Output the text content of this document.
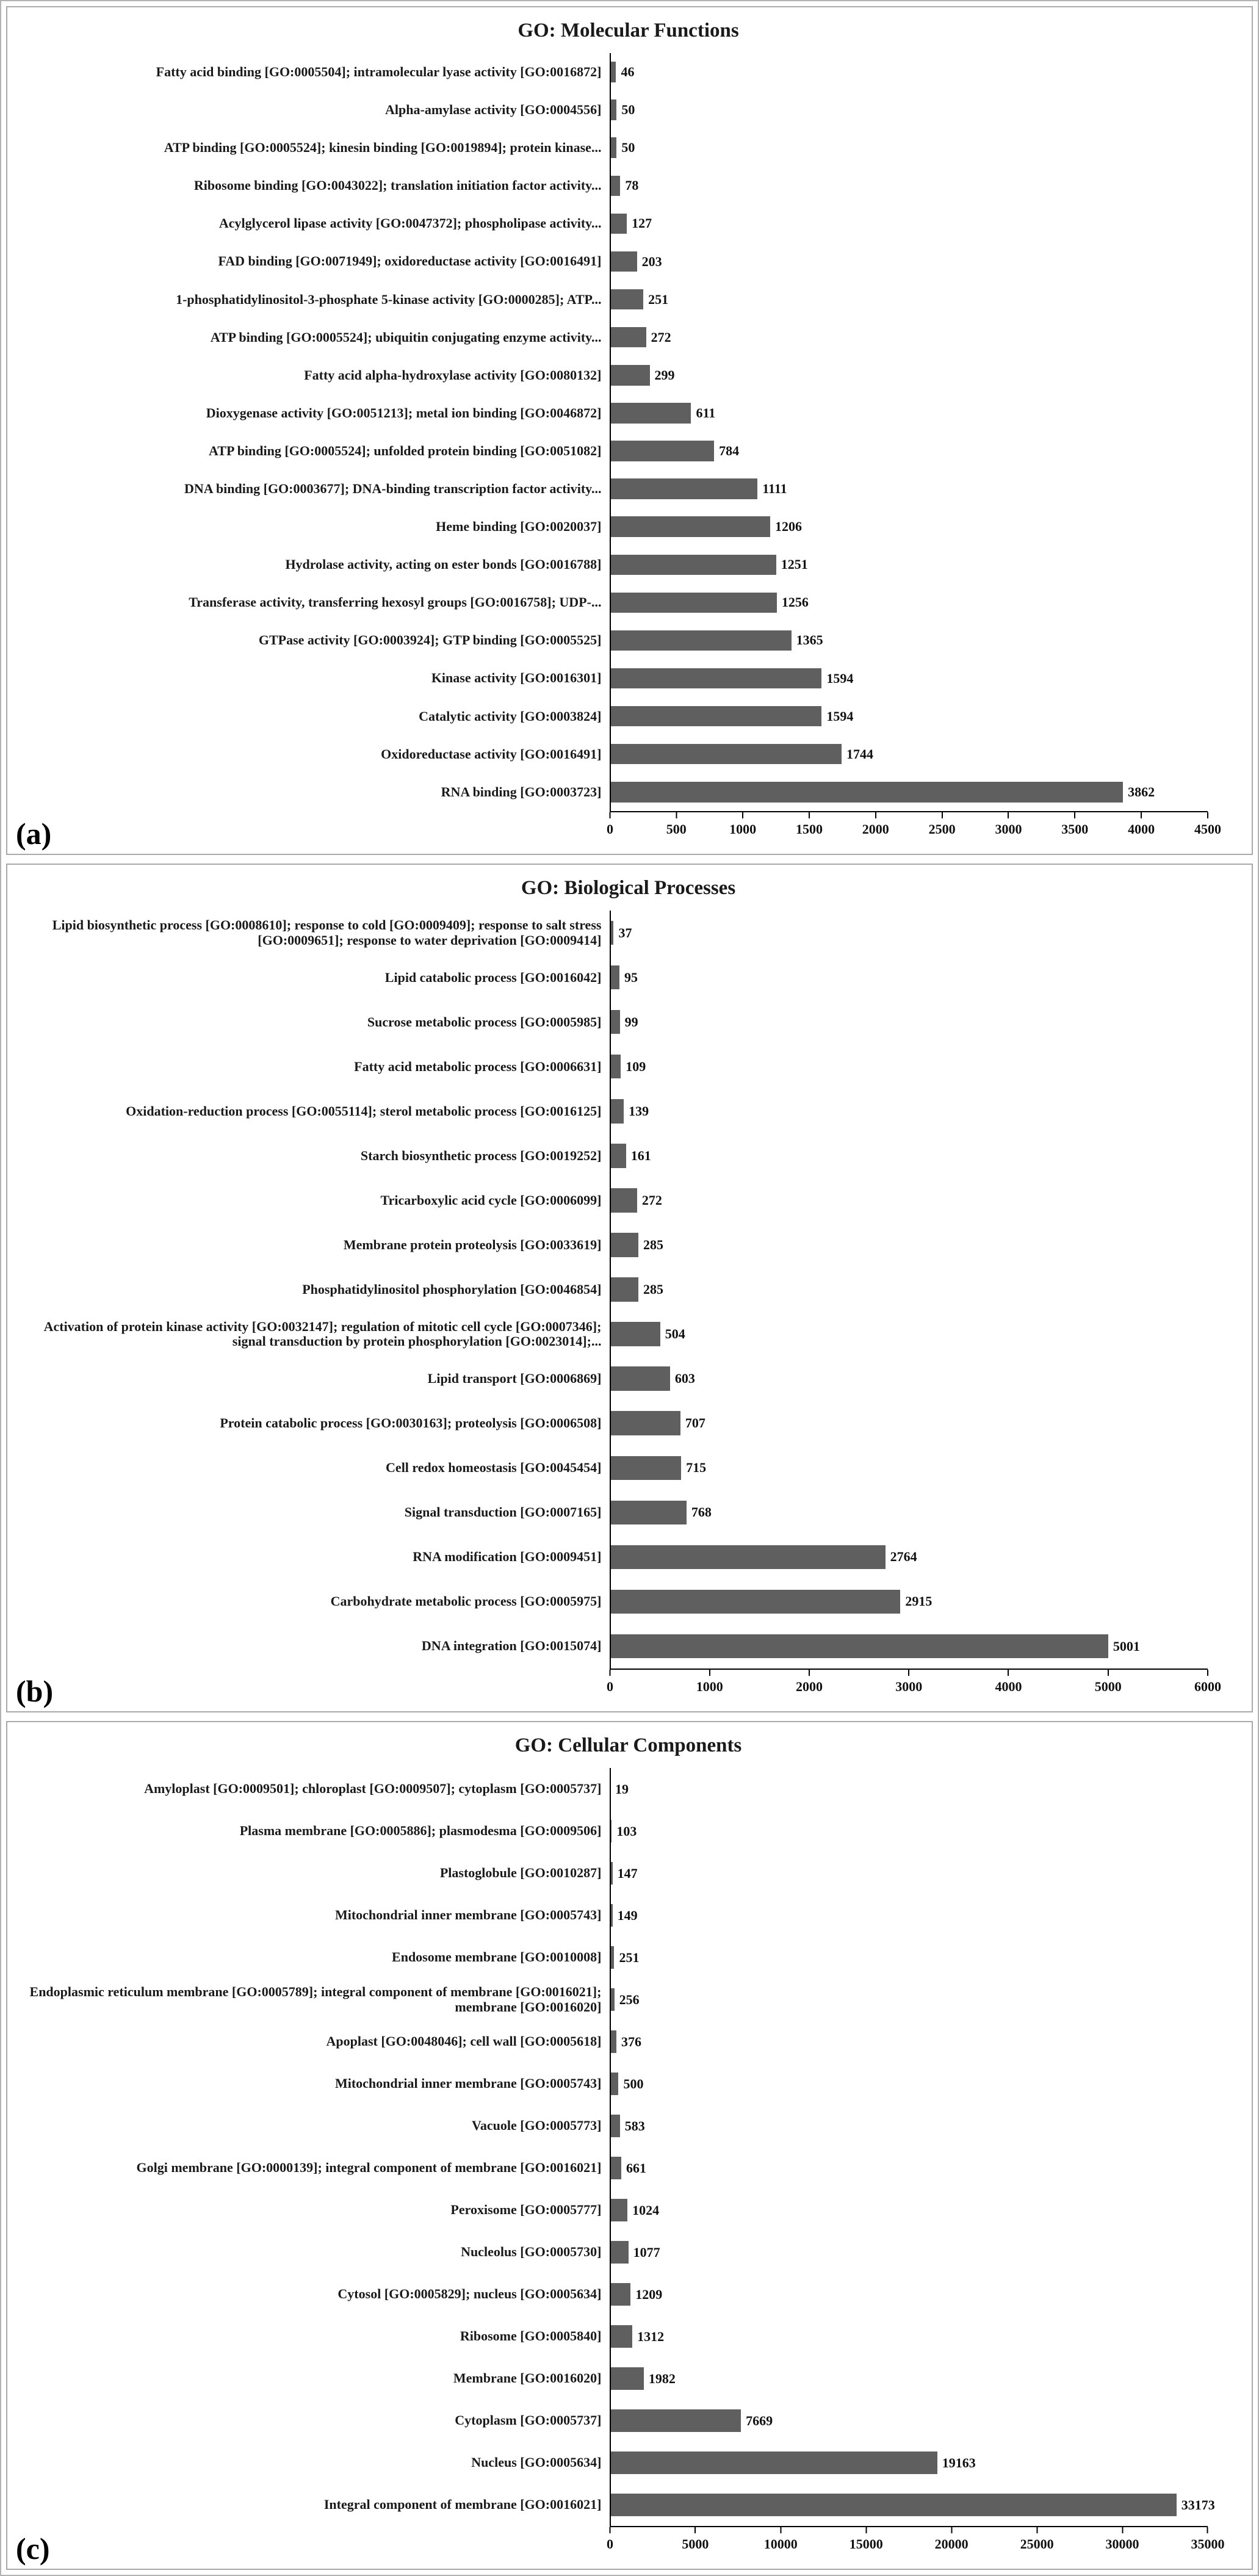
GO: Molecular Functions
Fatty acid binding [GO:0005504]; intramolecular lyase activity [GO:0016872]	46
Alpha-amylase activity [GO:0004556]	50
ATP binding [GO:0005524]; kinesin binding [GO:0019894]; protein kinase...	50
Ribosome binding [GO:0043022]; translation initiation factor activity...	78
Acylglycerol lipase activity [GO:0047372]; phospholipase activity...	127
FAD binding [GO:0071949]; oxidoreductase activity [GO:0016491]	203
1-phosphatidylinositol-3-phosphate 5-kinase activity [GO:0000285]; ATP...	251
ATP binding [GO:0005524]; ubiquitin conjugating enzyme activity...	272
Fatty acid alpha-hydroxylase activity [GO:0080132]	299
Dioxygenase activity [GO:0051213]; metal ion binding [GO:0046872]	611
ATP binding [GO:0005524]; unfolded protein binding [GO:0051082]	784
DNA binding [GO:0003677]; DNA-binding transcription factor activity...	1111
Heme binding [GO:0020037]	1206
Hydrolase activity, acting on ester bonds [GO:0016788]	1251
Transferase activity, transferring hexosyl groups [GO:0016758]; UDP-...	1256
GTPase activity [GO:0003924]; GTP binding [GO:0005525]	1365
Kinase activity [GO:0016301]	1594
Catalytic activity [GO:0003824]	1594
Oxidoreductase activity [GO:0016491]	1744
RNA binding [GO:0003723]	3862
0	500	1000	1500	2000	2500	3000	3500	4000	4500
(a)
GO: Biological Processes
Lipid biosynthetic process [GO:0008610]; response to cold [GO:0009409]; response to salt stress [GO:0009651]; response to water deprivation [GO:0009414]	37
Lipid catabolic process [GO:0016042]	95
Sucrose metabolic process [GO:0005985]	99
Fatty acid metabolic process [GO:0006631]	109
Oxidation-reduction process [GO:0055114]; sterol metabolic process [GO:0016125]	139
Starch biosynthetic process [GO:0019252]	161
Tricarboxylic acid cycle [GO:0006099]	272
Membrane protein proteolysis [GO:0033619]	285
Phosphatidylinositol phosphorylation [GO:0046854]	285
Activation of protein kinase activity [GO:0032147]; regulation of mitotic cell cycle [GO:0007346]; signal transduction by protein phosphorylation [GO:0023014];...	504
Lipid transport [GO:0006869]	603
Protein catabolic process [GO:0030163]; proteolysis [GO:0006508]	707
Cell redox homeostasis [GO:0045454]	715
Signal transduction [GO:0007165]	768
RNA modification [GO:0009451]	2764
Carbohydrate metabolic process [GO:0005975]	2915
DNA integration [GO:0015074]	5001
0	1000	2000	3000	4000	5000	6000
(b)
GO: Cellular Components
Amyloplast [GO:0009501]; chloroplast [GO:0009507]; cytoplasm [GO:0005737]	19
Plasma membrane [GO:0005886]; plasmodesma [GO:0009506]	103
Plastoglobule [GO:0010287]	147
Mitochondrial inner membrane [GO:0005743]	149
Endosome membrane [GO:0010008]	251
Endoplasmic reticulum membrane [GO:0005789]; integral component of membrane [GO:0016021]; membrane [GO:0016020]	256
Apoplast [GO:0048046]; cell wall [GO:0005618]	376
Mitochondrial inner membrane [GO:0005743]	500
Vacuole [GO:0005773]	583
Golgi membrane [GO:0000139]; integral component of membrane [GO:0016021]	661
Peroxisome [GO:0005777]	1024
Nucleolus [GO:0005730]	1077
Cytosol [GO:0005829]; nucleus [GO:0005634]	1209
Ribosome [GO:0005840]	1312
Membrane [GO:0016020]	1982
Cytoplasm [GO:0005737]	7669
Nucleus [GO:0005634]	19163
Integral component of membrane [GO:0016021]	33173
0	5000	10000	15000	20000	25000	30000	35000
(c)
